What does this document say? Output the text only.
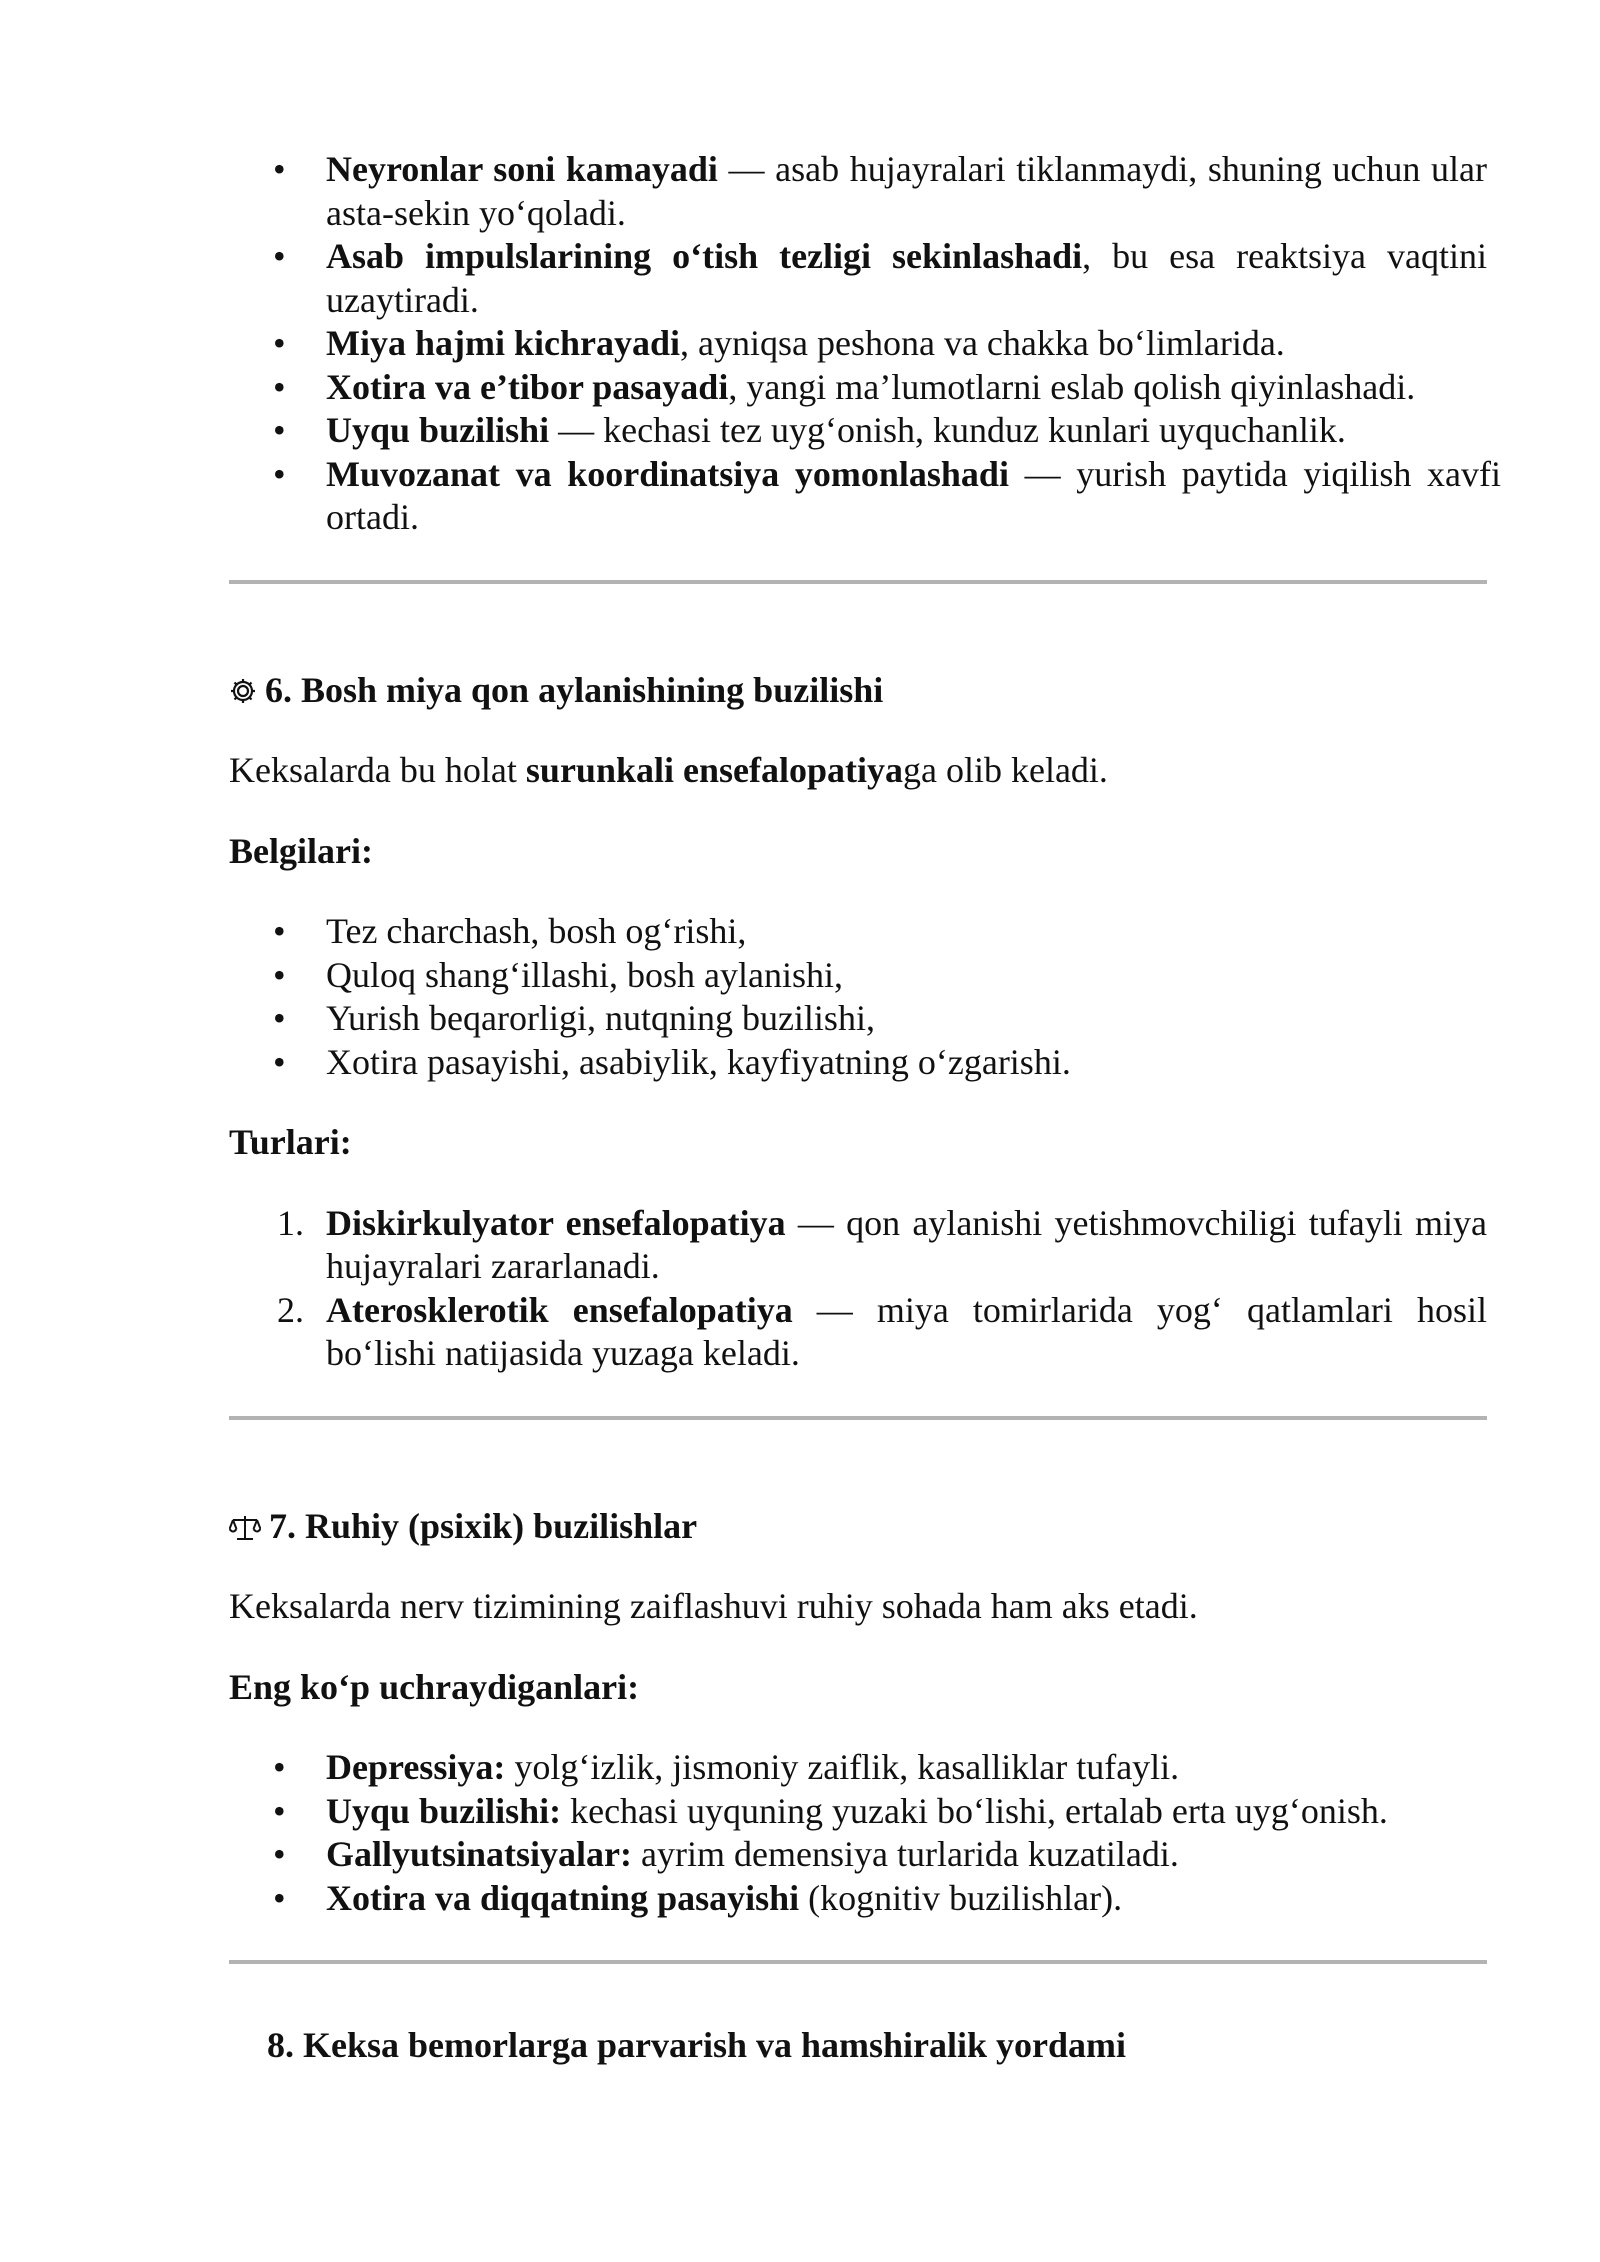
• Neyronlar soni kamayadi — asab hujayralari tiklanmaydi, shuning uchun ular asta-sekin yo‘qoladi.
• Asab impulslarining o‘tish tezligi sekinlashadi, bu esa reaktsiya vaqtini uzaytiradi.
• Miya hajmi kichrayadi, ayniqsa peshona va chakka bo‘limlarida.
• Xotira va e’tibor pasayadi, yangi ma’lumotlarni eslab qolish qiyinlashadi.
• Uyqu buzilishi — kechasi tez uyg‘onish, kunduz kunlari uyquchanlik.
• Muvozanat va koordinatsiya yomonlashadi — yurish paytida yiqilish xavfi ortadi.
6. Bosh miya qon aylanishining buzilishi

Keksalarda bu holat surunkali ensefalopatiyaga olib keladi.

Belgilari:
• Tez charchash, bosh og‘rishi,
• Quloq shang‘illashi, bosh aylanishi,
• Yurish beqarorligi, nutqning buzilishi,
• Xotira pasayishi, asabiylik, kayfiyatning o‘zgarishi.
Turlari:
1. Diskirkulyator ensefalopatiya — qon aylanishi yetishmovchiligi tufayli miya hujayralari zararlanadi.
2. Aterosklerotik ensefalopatiya — miya tomirlarida yog‘ qatlamlari hosil bo‘lishi natijasida yuzaga keladi.
7. Ruhiy (psixik) buzilishlar

Keksalarda nerv tizimining zaiflashuvi ruhiy sohada ham aks etadi.

Eng ko‘p uchraydiganlari:
• Depressiya: yolg‘izlik, jismoniy zaiflik, kasalliklar tufayli.
• Uyqu buzilishi: kechasi uyquning yuzaki bo‘lishi, ertalab erta uyg‘onish.
• Gallyutsinatsiyalar: ayrim demensiya turlarida kuzatiladi.
• Xotira va diqqatning pasayishi (kognitiv buzilishlar).
8. Keksa bemorlarga parvarish va hamshiralik yordami
